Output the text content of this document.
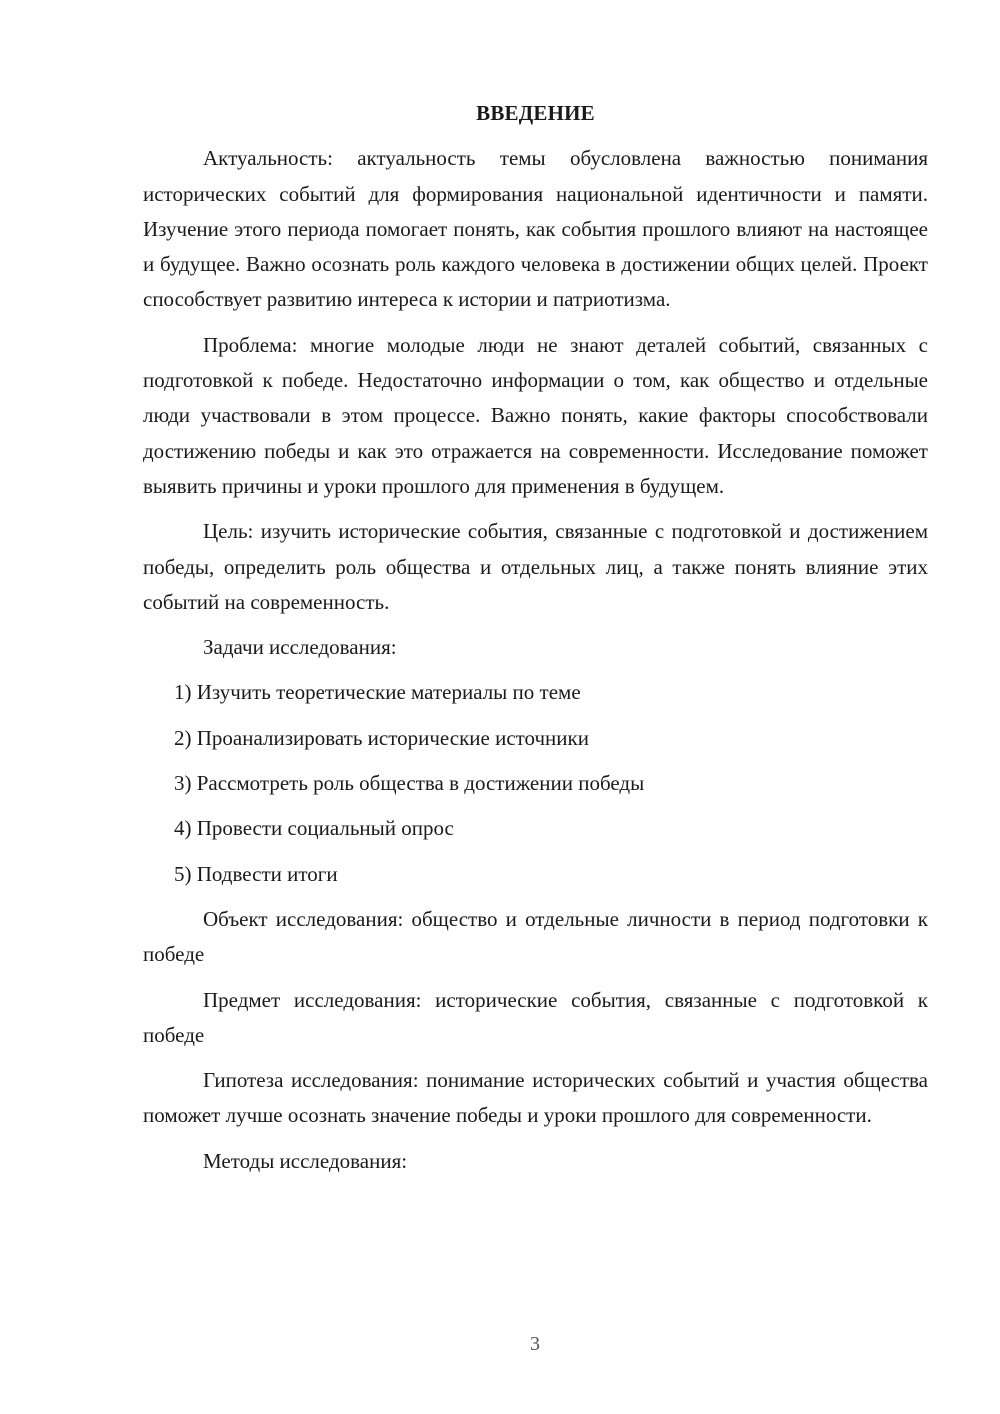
ВВЕДЕНИЕ

Актуальность: актуальность темы обусловлена важностью понимания исторических событий для формирования национальной идентичности и памяти. Изучение этого периода помогает понять, как события прошлого влияют на настоящее и будущее. Важно осознать роль каждого человека в достижении общих целей. Проект способствует развитию интереса к истории и патриотизма.

Проблема: многие молодые люди не знают деталей событий, связанных с подготовкой к победе. Недостаточно информации о том, как общество и отдельные люди участвовали в этом процессе. Важно понять, какие факторы способствовали достижению победы и как это отражается на современности. Исследование поможет выявить причины и уроки прошлого для применения в будущем.

Цель: изучить исторические события, связанные с подготовкой и достижением победы, определить роль общества и отдельных лиц, а также понять влияние этих событий на современность.

Задачи исследования:

1) Изучить теоретические материалы по теме
2) Проанализировать исторические источники
3) Рассмотреть роль общества в достижении победы
4) Провести социальный опрос
5) Подвести итоги

Объект исследования: общество и отдельные личности в период подготовки к победе

Предмет исследования: исторические события, связанные с подготовкой к победе

Гипотеза исследования: понимание исторических событий и участия общества поможет лучше осознать значение победы и уроки прошлого для современности.

Методы исследования:

3
